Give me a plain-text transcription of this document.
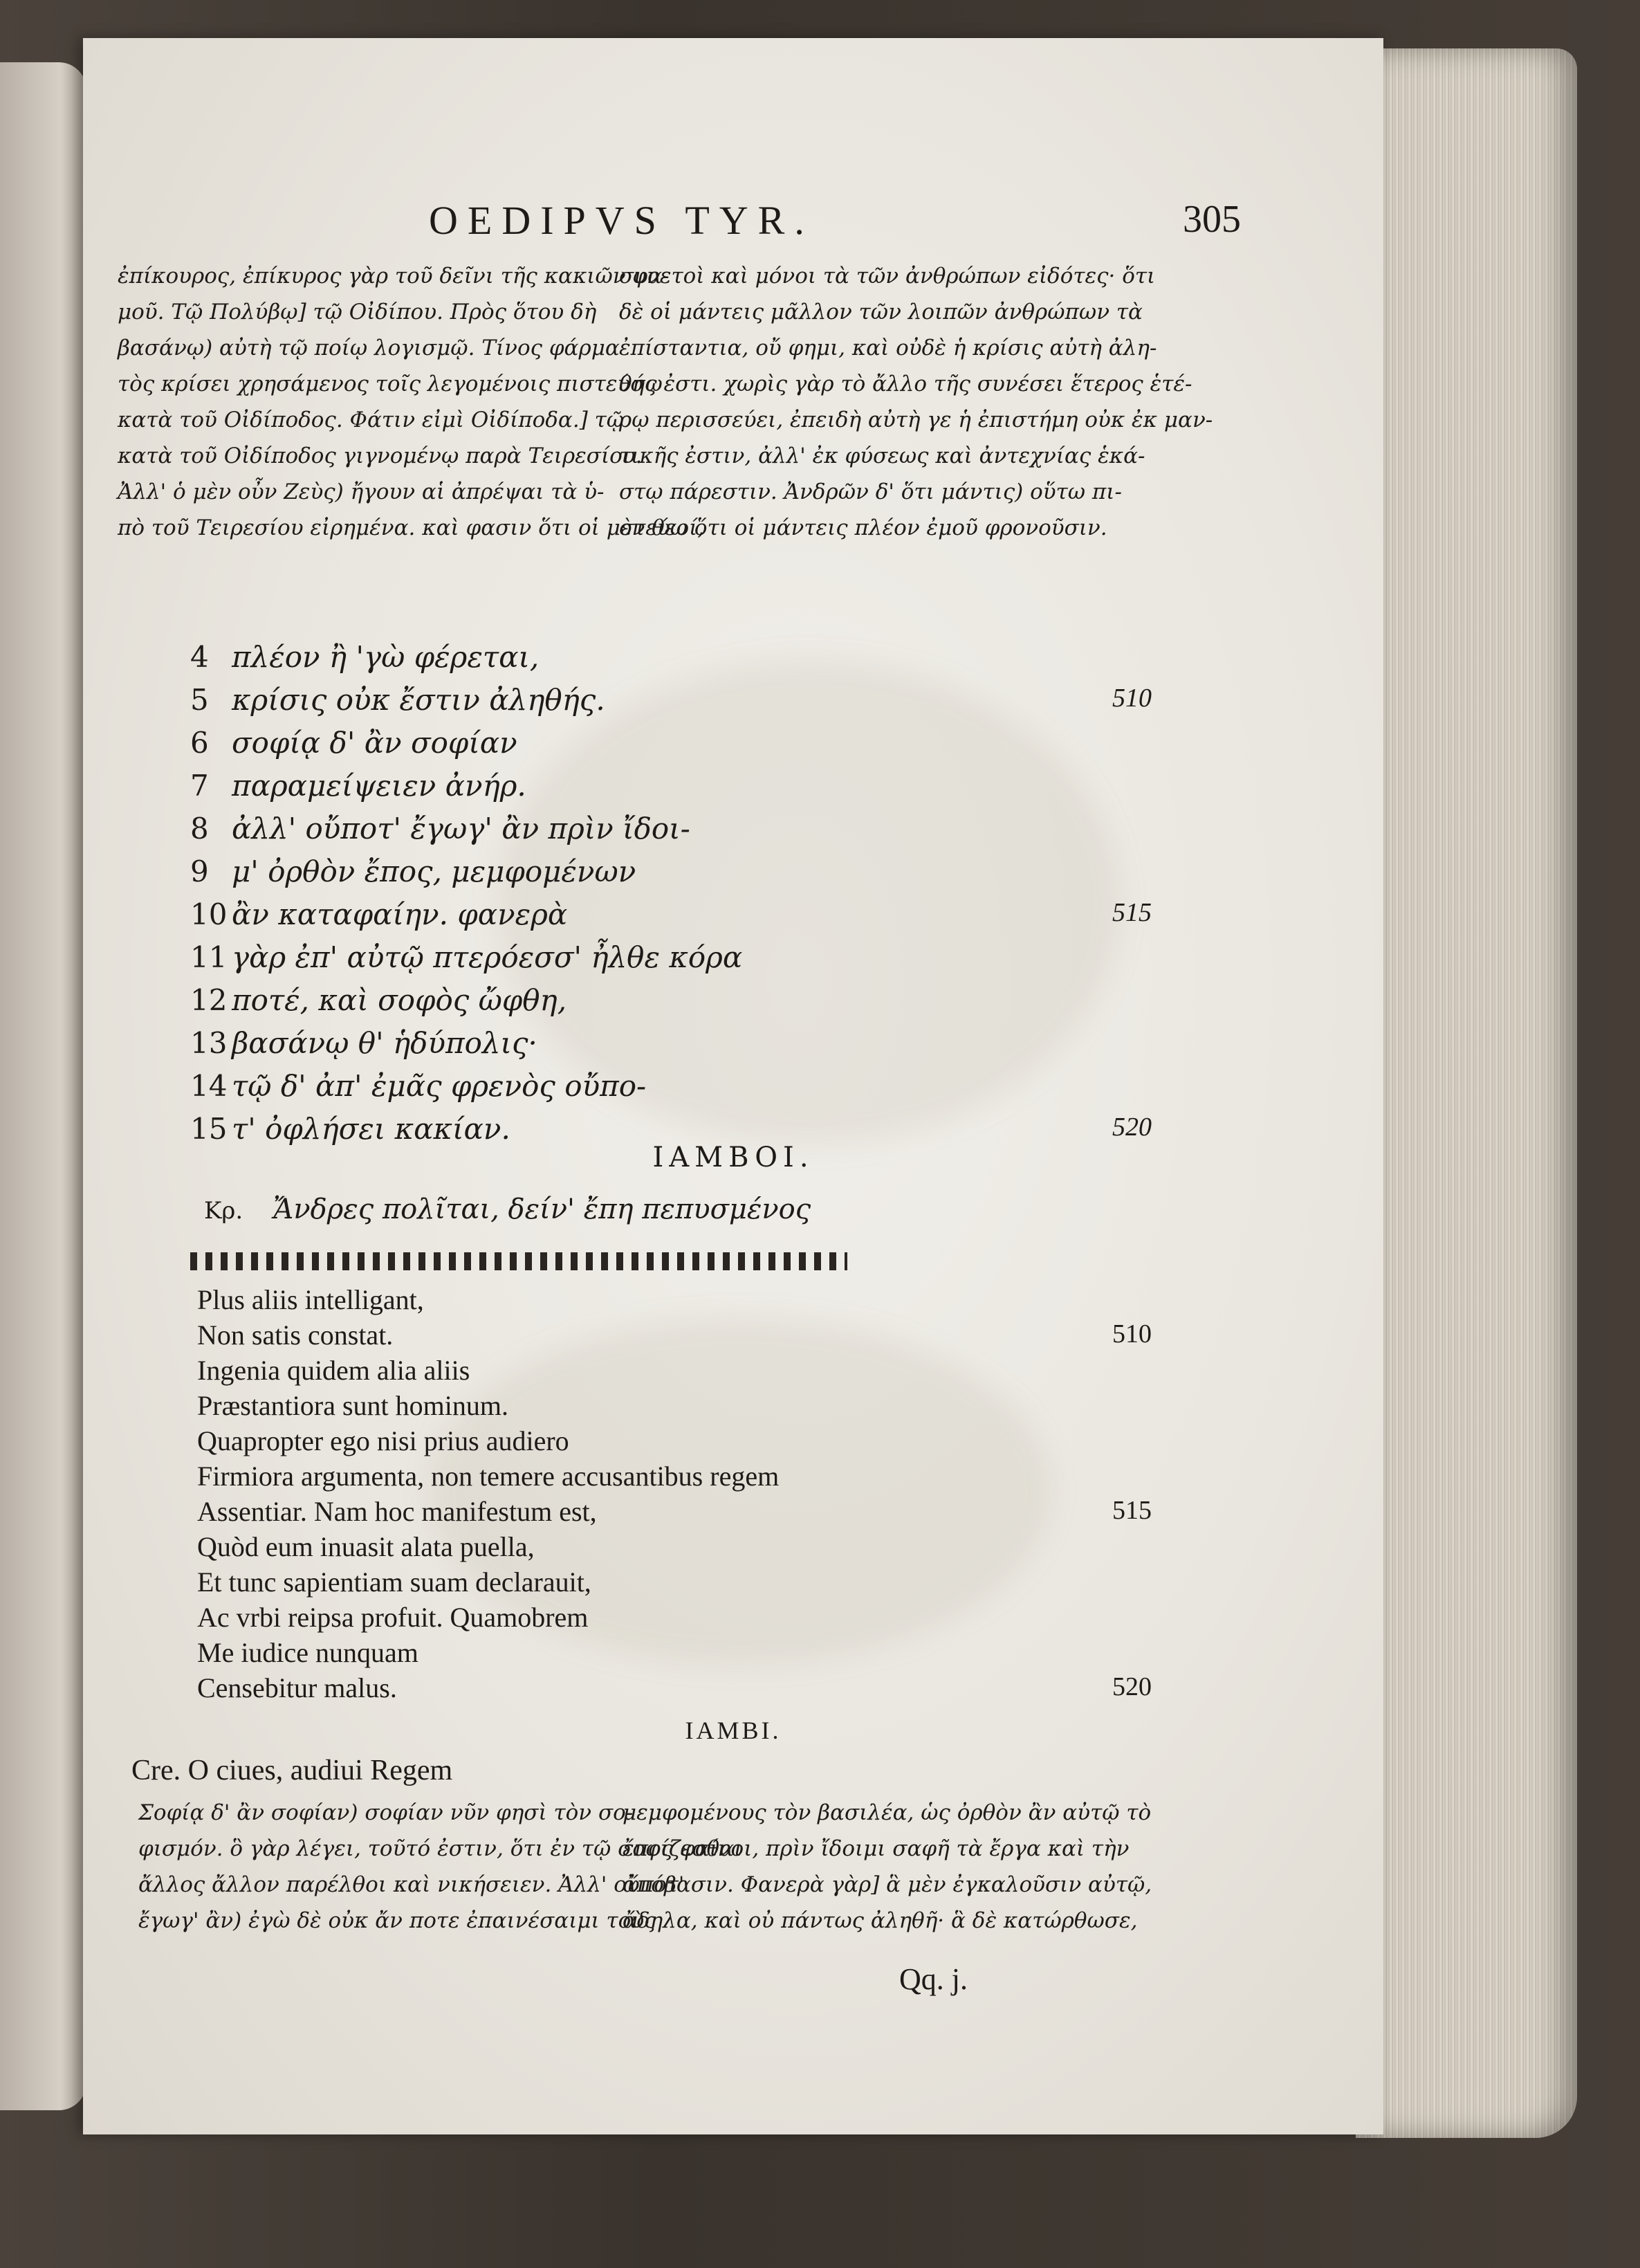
OEDIPVS TYR.	305
ἐπίκουρος, ἐπίκυρος γὰρ τοῦ δεῖνι τῆς κακιῶν φα-
μοῦ. Τῷ Πολύβῳ] τῷ Οἰδίπου. Πρὸς ὅτου δὴ
βασάνῳ) αὐτὴ τῷ ποίῳ λογισμῷ. Τίνος φάρμα
τὸς κρίσει χρησάμενος τοῖς λεγομένοις πιστεύσω
κατὰ τοῦ Οἰδίποδος. Φάτιν εἰμὶ Οἰδίποδα.] τῷ
κατὰ τοῦ Οἰδίποδος γιγνομένῳ παρὰ Τειρεσίου.
Ἀλλ' ὁ μὲν οὖν Ζεὺς) ἤγουν αἱ ἀπρέψαι τὰ ὑ-
πὸ τοῦ Τειρεσίου εἰρημένα. καὶ φασιν ὅτι οἱ μὲν θεοί,
συνετοὶ καὶ μόνοι τὰ τῶν ἀνθρώπων εἰδότες· ὅτι
δὲ οἱ μάντεις μᾶλλον τῶν λοιπῶν ἀνθρώπων τὰ
ἐπίσταντια, οὔ φημι, καὶ οὐδὲ ἡ κρίσις αὐτὴ ἀλη-
θής ἐστι. χωρὶς γὰρ τὸ ἄλλο τῆς συνέσει ἕτερος ἑτέ-
ρῳ περισσεύει, ἐπειδὴ αὐτὴ γε ἡ ἐπιστήμη οὐκ ἐκ μαν-
τικῆς ἐστιν, ἀλλ' ἐκ φύσεως καὶ ἀντεχνίας ἑκά-
στῳ πάρεστιν. Ἀνδρῶν δ' ὅτι μάντις) οὕτω πι-
στεύω ὅτι οἱ μάντεις πλέον ἐμοῦ φρονοῦσιν.
4 πλέον ἢ 'γὼ φέρεται,
5 κρίσις οὐκ ἔστιν ἀληθής.	510
6 σοφίᾳ δ' ἂν σοφίαν
7 παραμείψειεν ἀνήρ.
8 ἀλλ' οὔποτ' ἔγωγ' ἂν πρὶν ἴδοι-
9 μ' ὀρθὸν ἔπος, μεμφομένων
10 ἂν καταφαίην. φανερὰ	515
11 γὰρ ἐπ' αὐτῷ πτερόεσσ' ἦλθε κόρα
12 ποτέ, καὶ σοφὸς ὤφθη,
13 βασάνῳ θ' ἡδύπολις·
14 τῷ δ' ἀπ' ἐμᾶς φρενὸς οὔπο-
15 τ' ὀφλήσει κακίαν.	520
IAMBOI.
Κρ. Ἄνδρες πολῖται, δείν' ἔπη πεπυσμένος
Plus aliis intelligant,
Non satis constat.	510
Ingenia quidem alia aliis
Præstantiora sunt hominum.
Quapropter ego nisi prius audiero
Firmiora argumenta, non temere accusantibus regem
Assentiar. Nam hoc manifestum est,	515
Quòd eum inuasit alata puella,
Et tunc sapientiam suam declarauit,
Ac vrbi reipsa profuit. Quamobrem
Me iudice nunquam
Censebitur malus.	520
IAMBI.
Cre. O ciues, audiui Regem
Σοφίᾳ δ' ἂν σοφίαν) σοφίαν νῦν φησὶ τὸν σο-
φισμόν. ὃ γὰρ λέγει, τοῦτό ἐστιν, ὅτι ἐν τῷ σοφίζεσθαι
ἄλλος ἄλλον παρέλθοι καὶ νικήσειεν. Ἀλλ' οὔποτ'
ἔγωγ' ἂν) ἐγὼ δὲ οὐκ ἄν ποτε ἐπαινέσαιμι τοὺς
μεμφομένους τὸν βασιλέα, ὡς ὀρθὸν ἂν αὐτῷ τὸ
ἔπος φαίνοι, πρὶν ἴδοιμι σαφῆ τὰ ἔργα καὶ τὴν
ἀπόβασιν. Φανερὰ γὰρ] ἃ μὲν ἐγκαλοῦσιν αὐτῷ,
ἄδηλα, καὶ οὐ πάντως ἀληθῆ· ἃ δὲ κατώρθωσε,
Qq. j.
